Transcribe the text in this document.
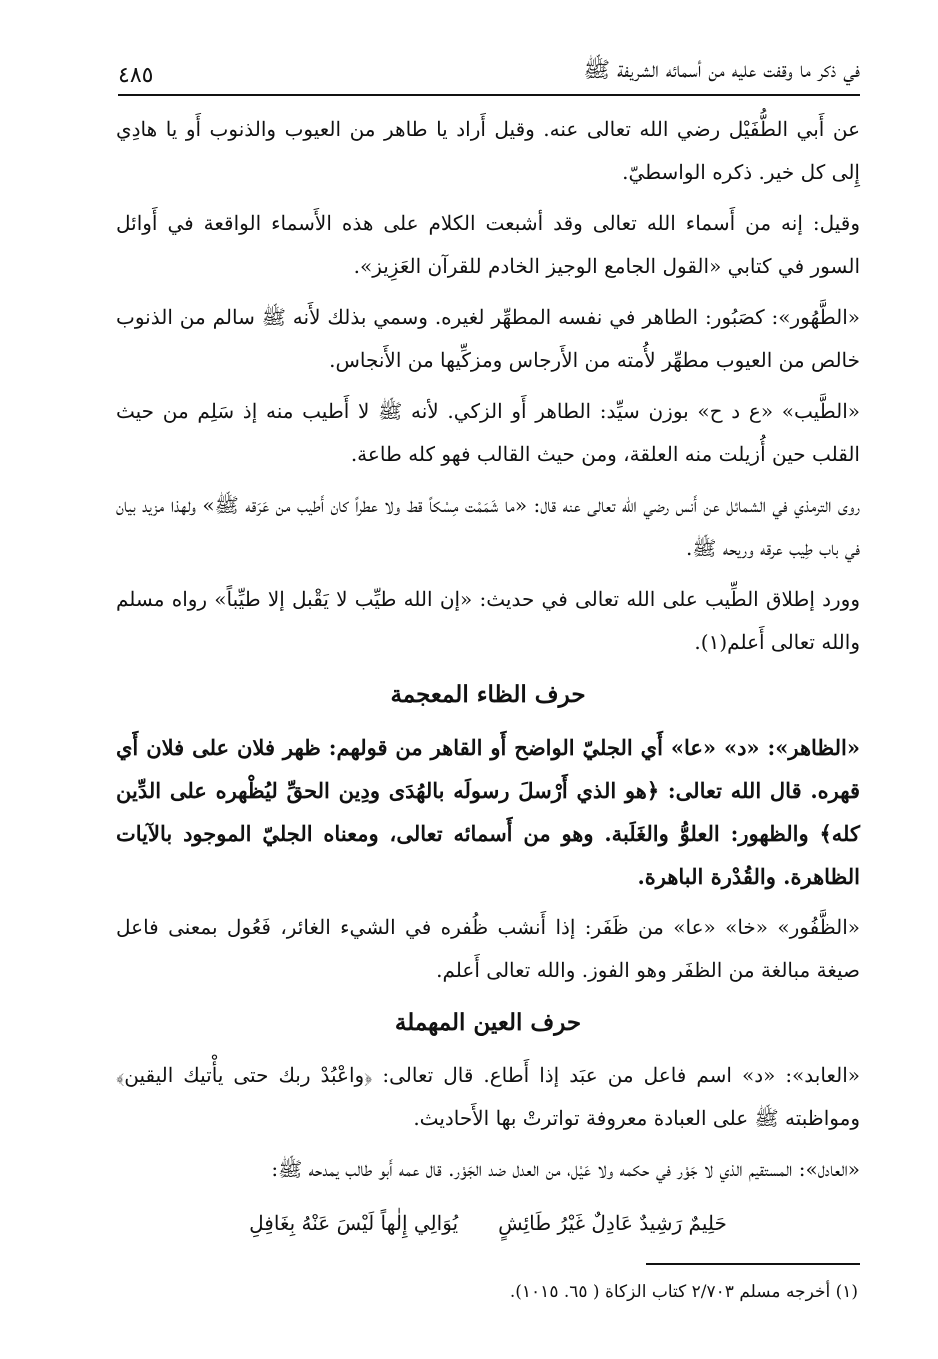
في ذكر ما وقفت عليه من أسمائه الشريفة ﷺ
٤٨٥

عن أَبي الطُّفَيْل رضي الله تعالى عنه. وقيل أَراد يا طاهر من العيوب والذنوب أَو يا هادِي إِلى كل خير. ذكره الواسطيّ.

وقيل: إنه من أَسماء الله تعالى وقد أشبعت الكلام على هذه الأَسماء الواقعة في أَوائل السور في كتابي «القول الجامع الوجيز الخادم للقرآن العَزِيز».

«الطَّهُور»: كصَبُور: الطاهر في نفسه المطهِّر لغيره. وسمي بذلك لأَنه ﷺ سالم من الذنوب خالص من العيوب مطهِّر لأُمته من الأَرجاس ومزكِّيها من الأَنجاس.

«الطَّيب» «ع د ح» بوزن سيِّد: الطاهر أَو الزكي. لأنه ﷺ لا أَطيب منه إذ سَلِم من حيث القلب حين أُزيلت منه العلقة، ومن حيث القالب فهو كله طاعة.

روى الترمذي في الشمائل عن أَنس رضي الله تعالى عنه قال: «ما شَمَمْت مِسْكاً قط ولا عطراً كان أَطيب من عَرَقه ﷺ» ولهذا مزيد بيان في باب طِيب عرقه وريحه ﷺ.

وورد إطلاق الطِّيب على الله تعالى في حديث: «إن الله طيِّب لا يَقْبل إلا طيِّباً» رواه مسلم والله تعالى أَعلم(١).

حرف الظاء المعجمة

«الظاهر»: «د» «عا» أَي الجليّ الواضح أَو القاهر من قولهم: ظهر فلان على فلان أَي قهره. قال الله تعالى: ﴿هو الذي أَرْسلَ رسولَه بالهُدَى ودِين الحقِّ ليُظْهره على الدِّين كله﴾ والظهور: العلوُّ والغَلَبة. وهو من أَسمائه تعالى، ومعناه الجليّ الموجود بالآيات الظاهرة. والقُدْرة الباهرة.

«الظَّفُور» «خا» «عا» من ظَفَر: إذا أَنشب ظُفره في الشيء الغائر، فَعُول بمعنى فاعل صيغة مبالغة من الظفَر وهو الفوز. والله تعالى أَعلم.

حرف العين المهملة

«العابد»: «د» اسم فاعل من عبَد إذا أَطاع. قال تعالى: ﴿واعْبُدْ ربك حتى يأْتيك اليقين﴾ ومواظبته ﷺ على العبادة معروفة تواترتْ بها الأَحاديث.

«العادل»: المستقيم الذي لا جَوْر في حكمه ولا عَيْل، من العدل ضد الجَوْر. قال عمه أَبو طالب يمدحه ﷺ:

حَلِيمٌ رَشِيدٌ عَادِلٌ غَيْرُ طَائِشٍ
يُوَالِي إِلٰهاً لَيْسَ عَنْهُ بِغَافِلِ
(١) أخرجه مسلم ٢/٧٠٣ كتاب الزكاة ( ٦٥. ١٠١٥).
